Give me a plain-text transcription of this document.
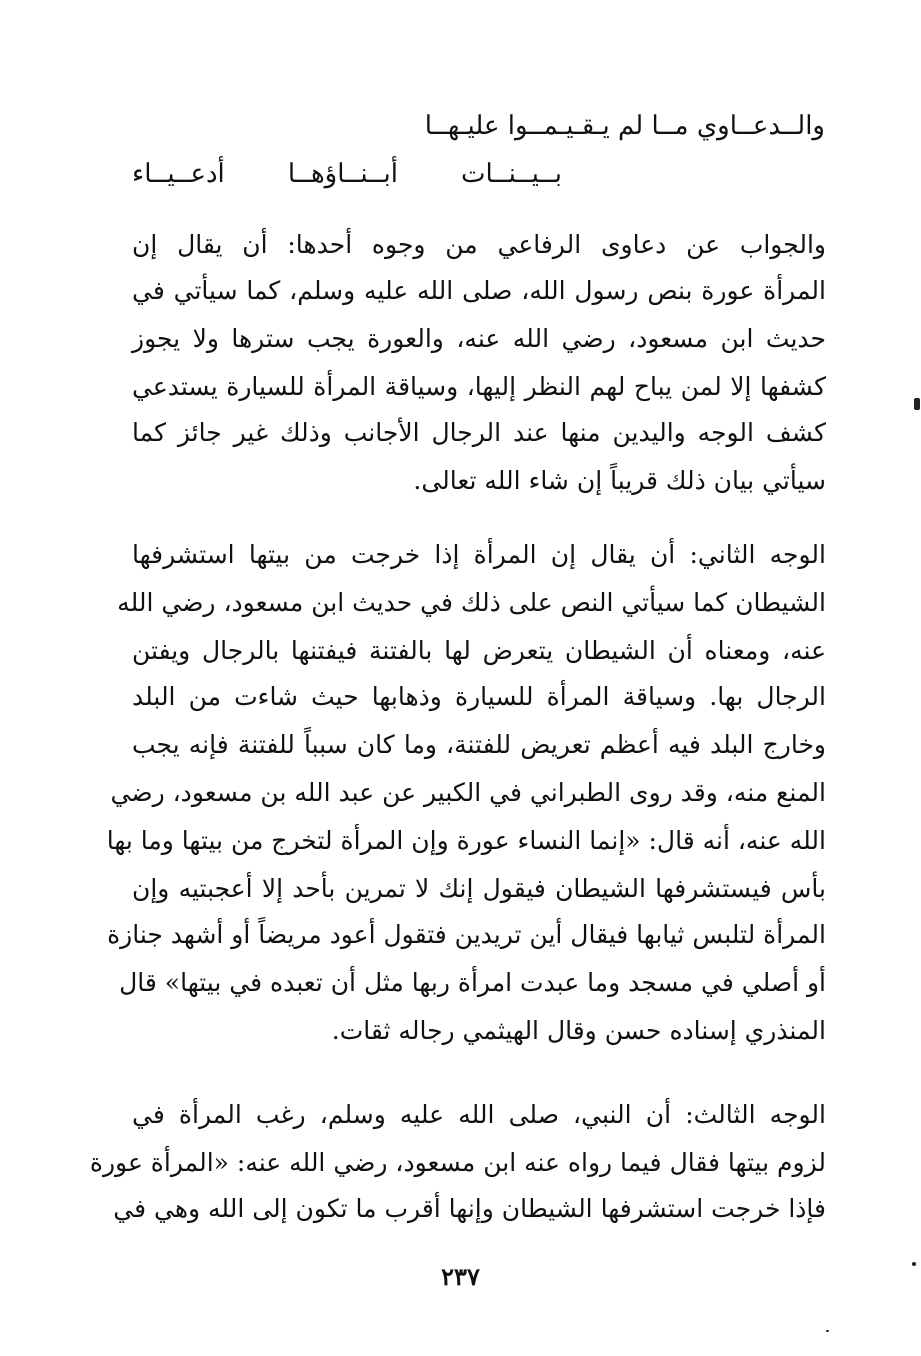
والــدعــاوي مــا لم يـقـيـمــوا عليـهــا
بــيــنــات
أبــنــاؤهــا
أدعــيــاء
والجواب عن دعاوى الرفاعي من وجوه أحدها: أن يقال إن
المرأة عورة بنص رسول الله، صلى الله عليه وسلم، كما سيأتي في
حديث ابن مسعود، رضي الله عنه، والعورة يجب سترها ولا يجوز
كشفها إلا لمن يباح لهم النظر إليها، وسياقة المرأة للسيارة يستدعي
كشف الوجه واليدين منها عند الرجال الأجانب وذلك غير جائز كما
سيأتي بيان ذلك قريباً إن شاء الله تعالى.
الوجه الثاني: أن يقال إن المرأة إذا خرجت من بيتها استشرفها
الشيطان كما سيأتي النص على ذلك في حديث ابن مسعود، رضي الله
عنه، ومعناه أن الشيطان يتعرض لها بالفتنة فيفتنها بالرجال ويفتن
الرجال بها. وسياقة المرأة للسيارة وذهابها حيث شاءت من البلد
وخارج البلد فيه أعظم تعريض للفتنة، وما كان سبباً للفتنة فإنه يجب
المنع منه، وقد روى الطبراني في الكبير عن عبد الله بن مسعود، رضي
الله عنه، أنه قال: «إنما النساء عورة وإن المرأة لتخرج من بيتها وما بها
بأس فيستشرفها الشيطان فيقول إنك لا تمرين بأحد إلا أعجبتيه وإن
المرأة لتلبس ثيابها فيقال أين تريدين فتقول أعود مريضاً أو أشهد جنازة
أو أصلي في مسجد وما عبدت امرأة ربها مثل أن تعبده في بيتها» قال
المنذري إسناده حسن وقال الهيثمي رجاله ثقات.
الوجه الثالث: أن النبي، صلى الله عليه وسلم، رغب المرأة في
لزوم بيتها فقال فيما رواه عنه ابن مسعود، رضي الله عنه: «المرأة عورة
فإذا خرجت استشرفها الشيطان وإنها أقرب ما تكون إلى الله وهي في
٢٣٧
